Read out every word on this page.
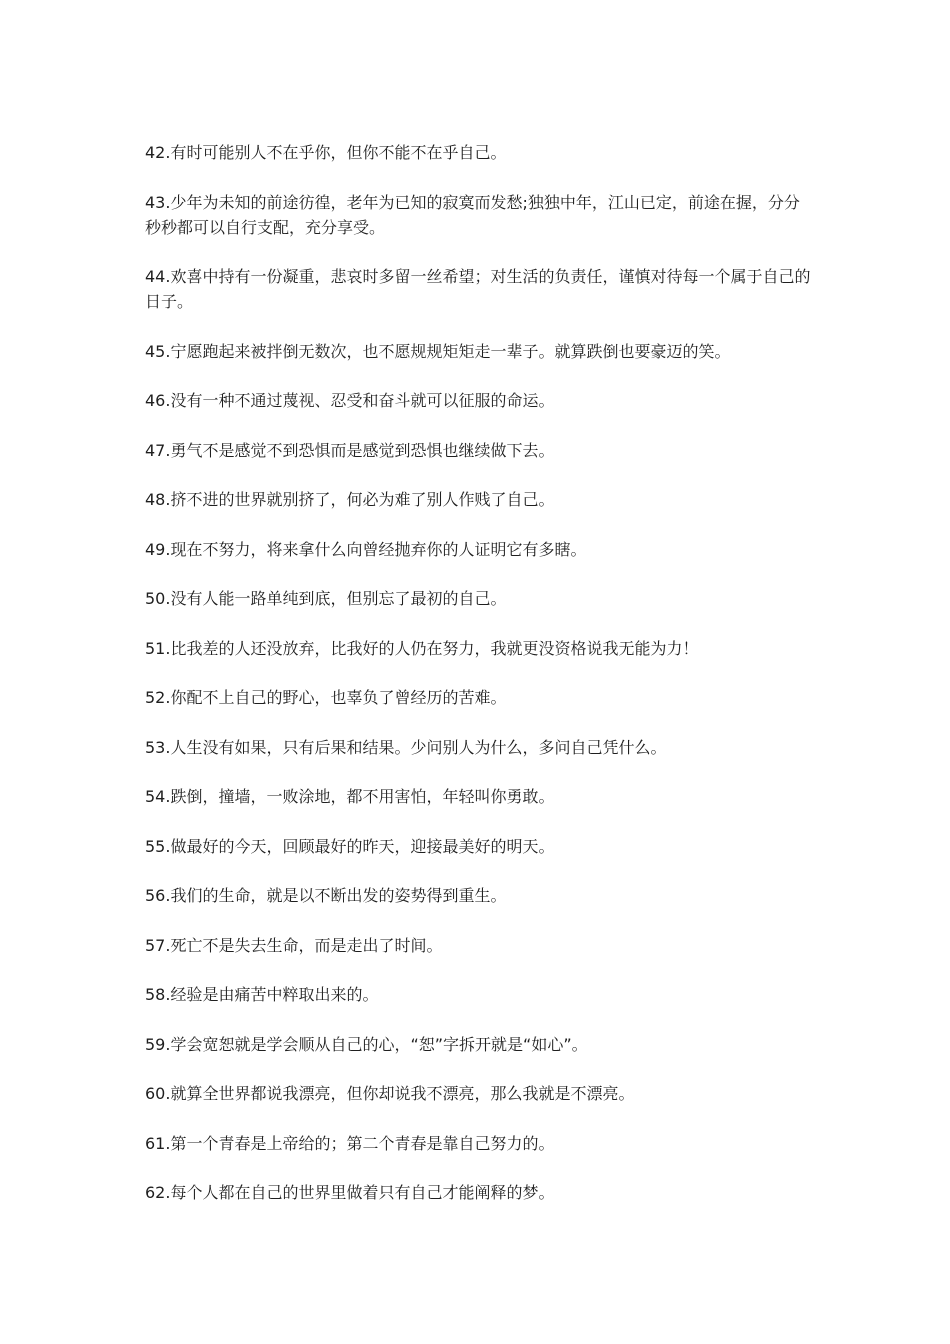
42.有时可能别人不在乎你，但你不能不在乎自己。
43.少年为未知的前途彷徨，老年为已知的寂寞而发愁;独独中年，江山已定，前途在握，分分秒秒都可以自行支配，充分享受。
44.欢喜中持有一份凝重，悲哀时多留一丝希望；对生活的负责任，谨慎对待每一个属于自己的日子。
45.宁愿跑起来被拌倒无数次，也不愿规规矩矩走一辈子。就算跌倒也要豪迈的笑。
46.没有一种不通过蔑视、忍受和奋斗就可以征服的命运。
47.勇气不是感觉不到恐惧而是感觉到恐惧也继续做下去。
48.挤不进的世界就别挤了，何必为难了别人作贱了自己。
49.现在不努力，将来拿什么向曾经抛弃你的人证明它有多瞎。
50.没有人能一路单纯到底，但别忘了最初的自己。
51.比我差的人还没放弃，比我好的人仍在努力，我就更没资格说我无能为力！
52.你配不上自己的野心，也辜负了曾经历的苦难。
53.人生没有如果，只有后果和结果。少问别人为什么，多问自己凭什么。
54.跌倒，撞墙，一败涂地，都不用害怕，年轻叫你勇敢。
55.做最好的今天，回顾最好的昨天，迎接最美好的明天。
56.我们的生命，就是以不断出发的姿势得到重生。
57.死亡不是失去生命，而是走出了时间。
58.经验是由痛苦中粹取出来的。
59.学会宽恕就是学会顺从自己的心，“恕”字拆开就是“如心”。
60.就算全世界都说我漂亮，但你却说我不漂亮，那么我就是不漂亮。
61.第一个青春是上帝给的；第二个青春是靠自己努力的。
62.每个人都在自己的世界里做着只有自己才能阐释的梦。
